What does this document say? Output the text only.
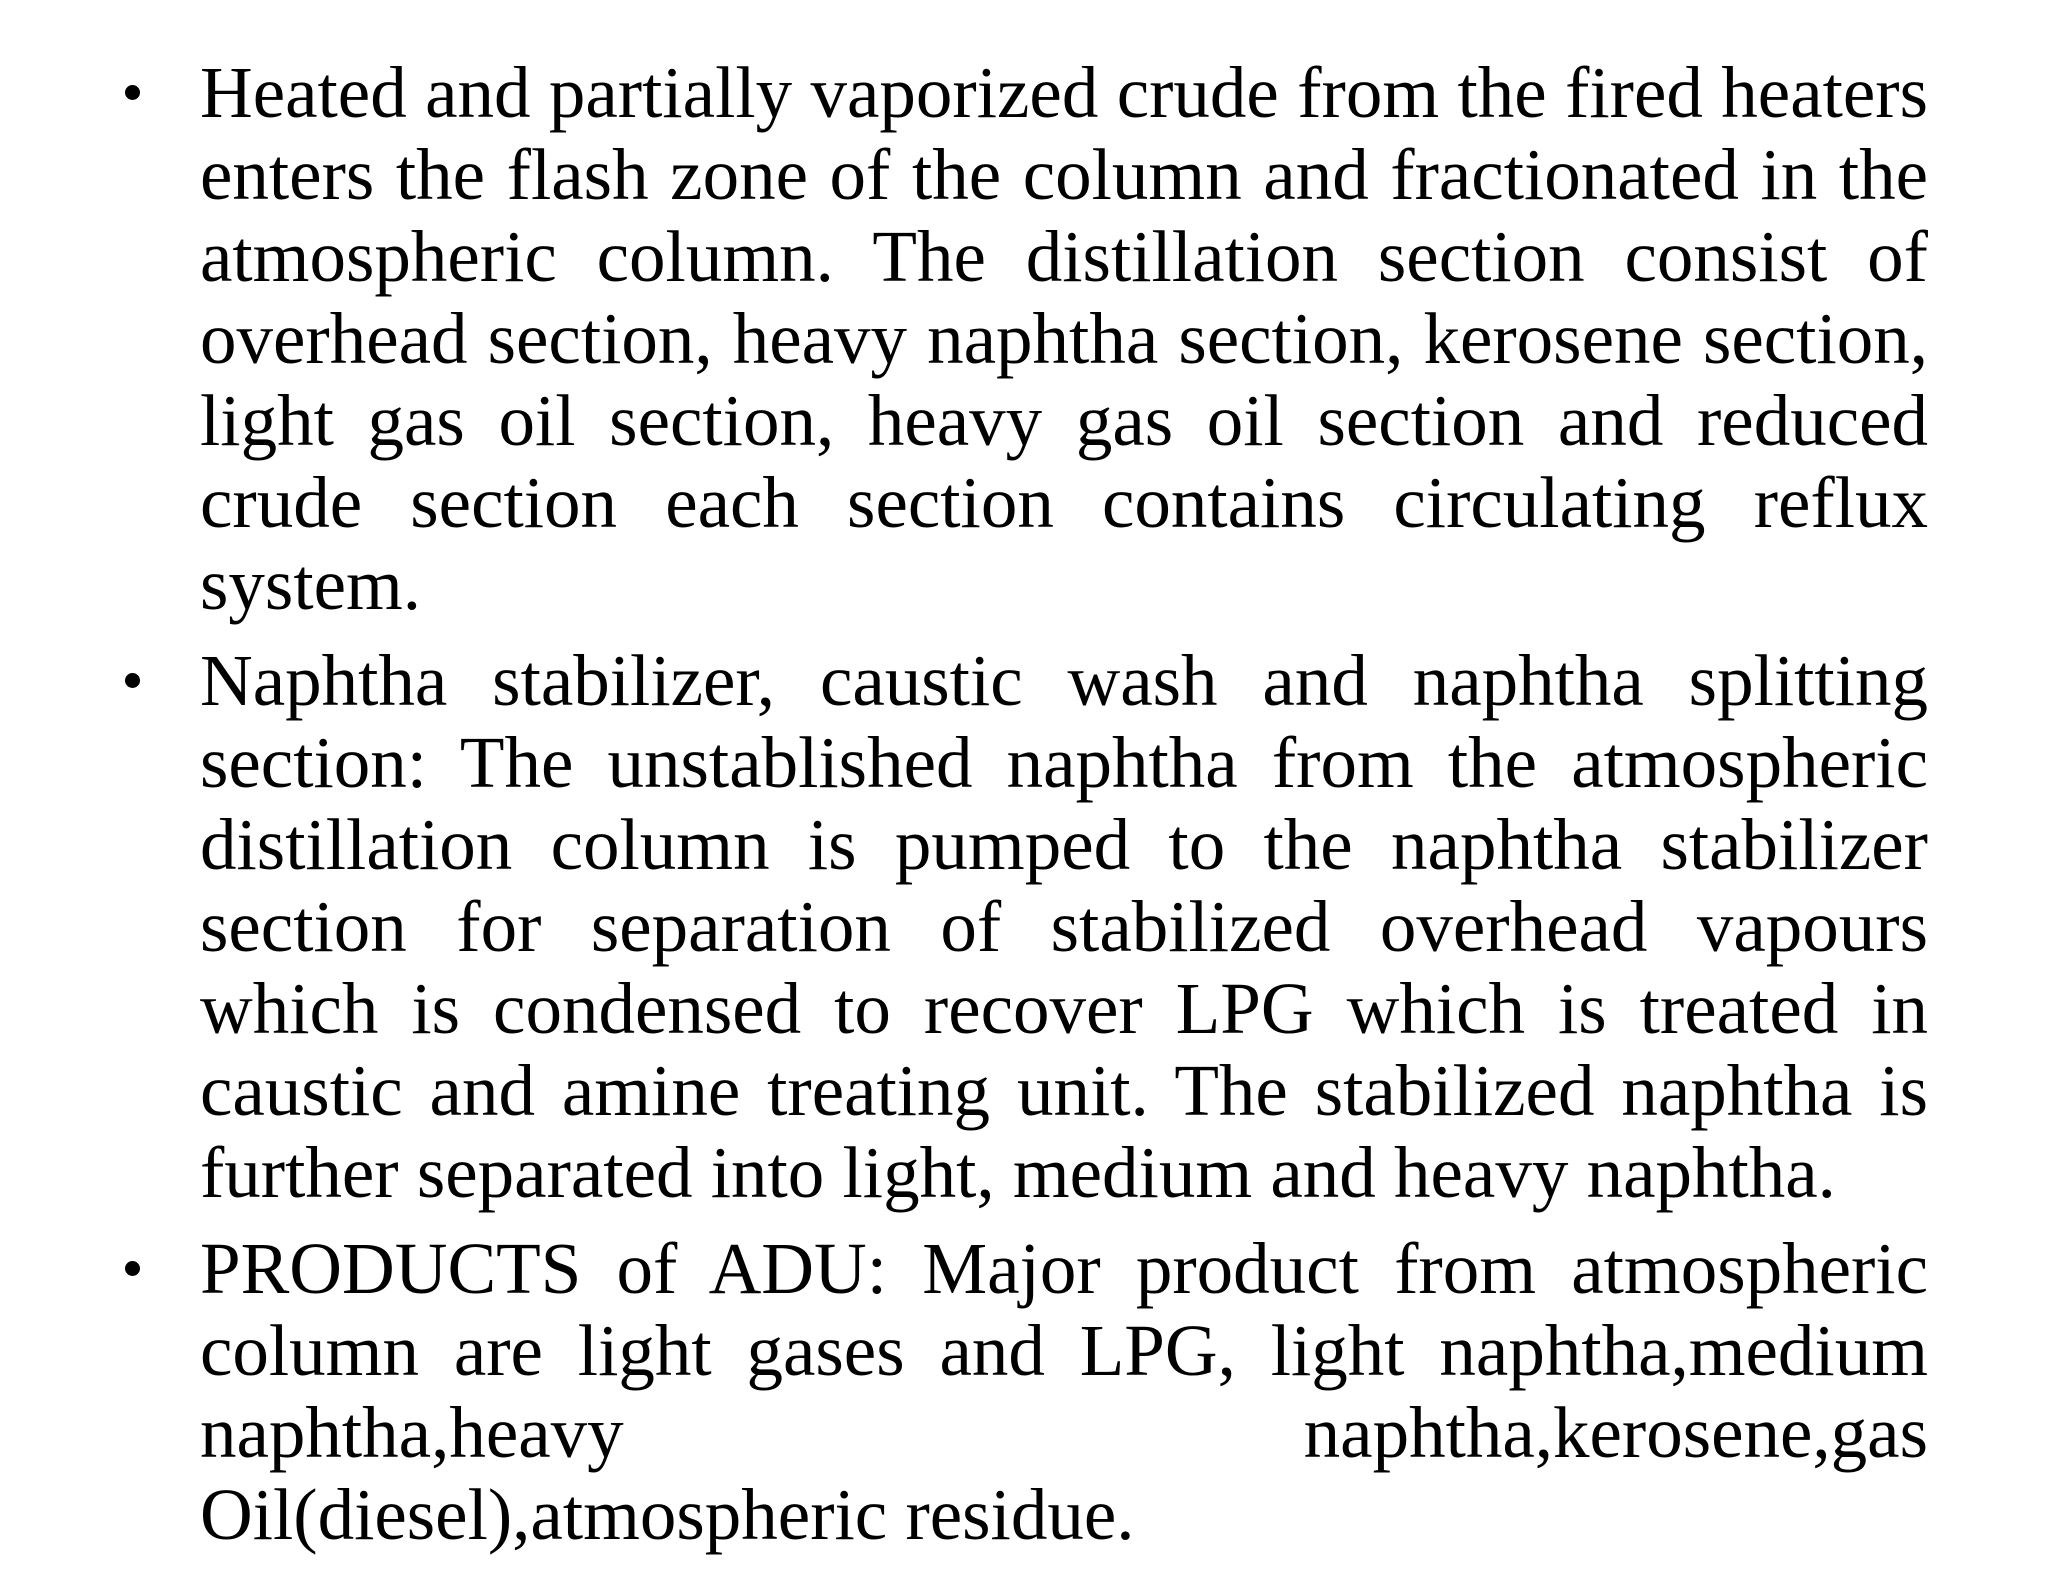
Heated and partially vaporized crude from the fired heaters enters the flash zone of the column and fractionated in the atmospheric column. The distillation section consist of overhead section, heavy naphtha section, kerosene section, light gas oil section, heavy gas oil section and reduced crude section each section contains circulating reflux system.
Naphtha stabilizer, caustic wash and naphtha splitting section: The unstablished naphtha from the atmospheric distillation column is pumped to the naphtha stabilizer section for separation of stabilized overhead vapours which is condensed to recover LPG which is treated in caustic and amine treating unit. The stabilized naphtha is further separated into light, medium and heavy naphtha.
PRODUCTS of ADU: Major product from atmospheric column are light gases and LPG, light naphtha,medium naphtha,heavy naphtha,kerosene,gas Oil(diesel),atmospheric residue.
